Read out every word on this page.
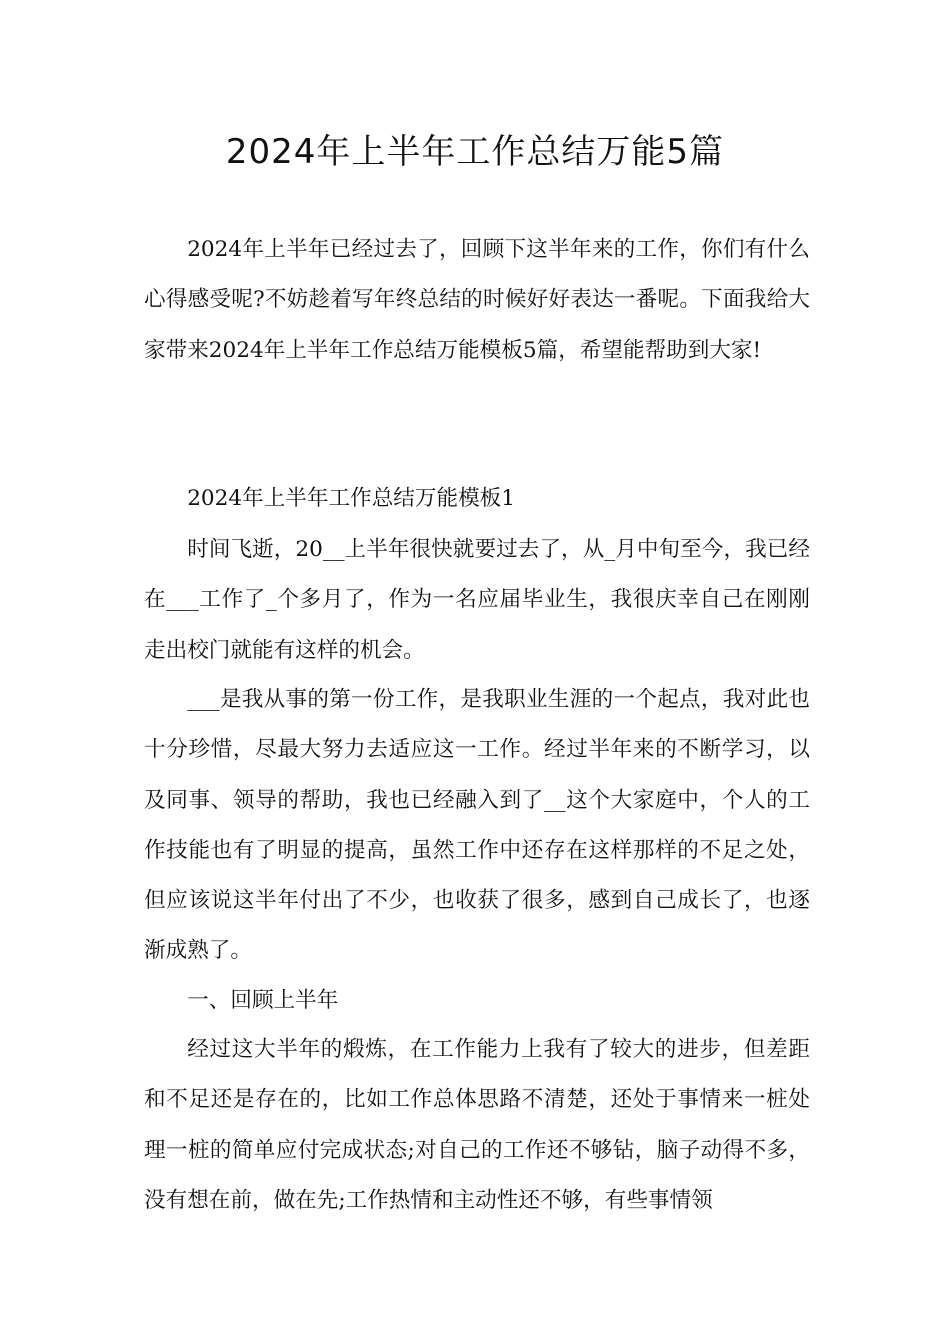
2024年上半年工作总结万能5篇

2024年上半年已经过去了，回顾下这半年来的工作，你们有什么心得感受呢?不妨趁着写年终总结的时候好好表达一番呢。下面我给大家带来2024年上半年工作总结万能模板5篇，希望能帮助到大家!

2024年上半年工作总结万能模板1

时间飞逝，20__上半年很快就要过去了，从_月中旬至今，我已经在___工作了_个多月了，作为一名应届毕业生，我很庆幸自己在刚刚走出校门就能有这样的机会。

___是我从事的第一份工作，是我职业生涯的一个起点，我对此也十分珍惜，尽最大努力去适应这一工作。经过半年来的不断学习，以及同事、领导的帮助，我也已经融入到了__这个大家庭中，个人的工作技能也有了明显的提高，虽然工作中还存在这样那样的不足之处，但应该说这半年付出了不少，也收获了很多，感到自己成长了，也逐渐成熟了。

一、回顾上半年

经过这大半年的煅炼，在工作能力上我有了较大的进步，但差距和不足还是存在的，比如工作总体思路不清楚，还处于事情来一桩处理一桩的简单应付完成状态;对自己的工作还不够钻，脑子动得不多，没有想在前，做在先;工作热情和主动性还不够，有些事情领
